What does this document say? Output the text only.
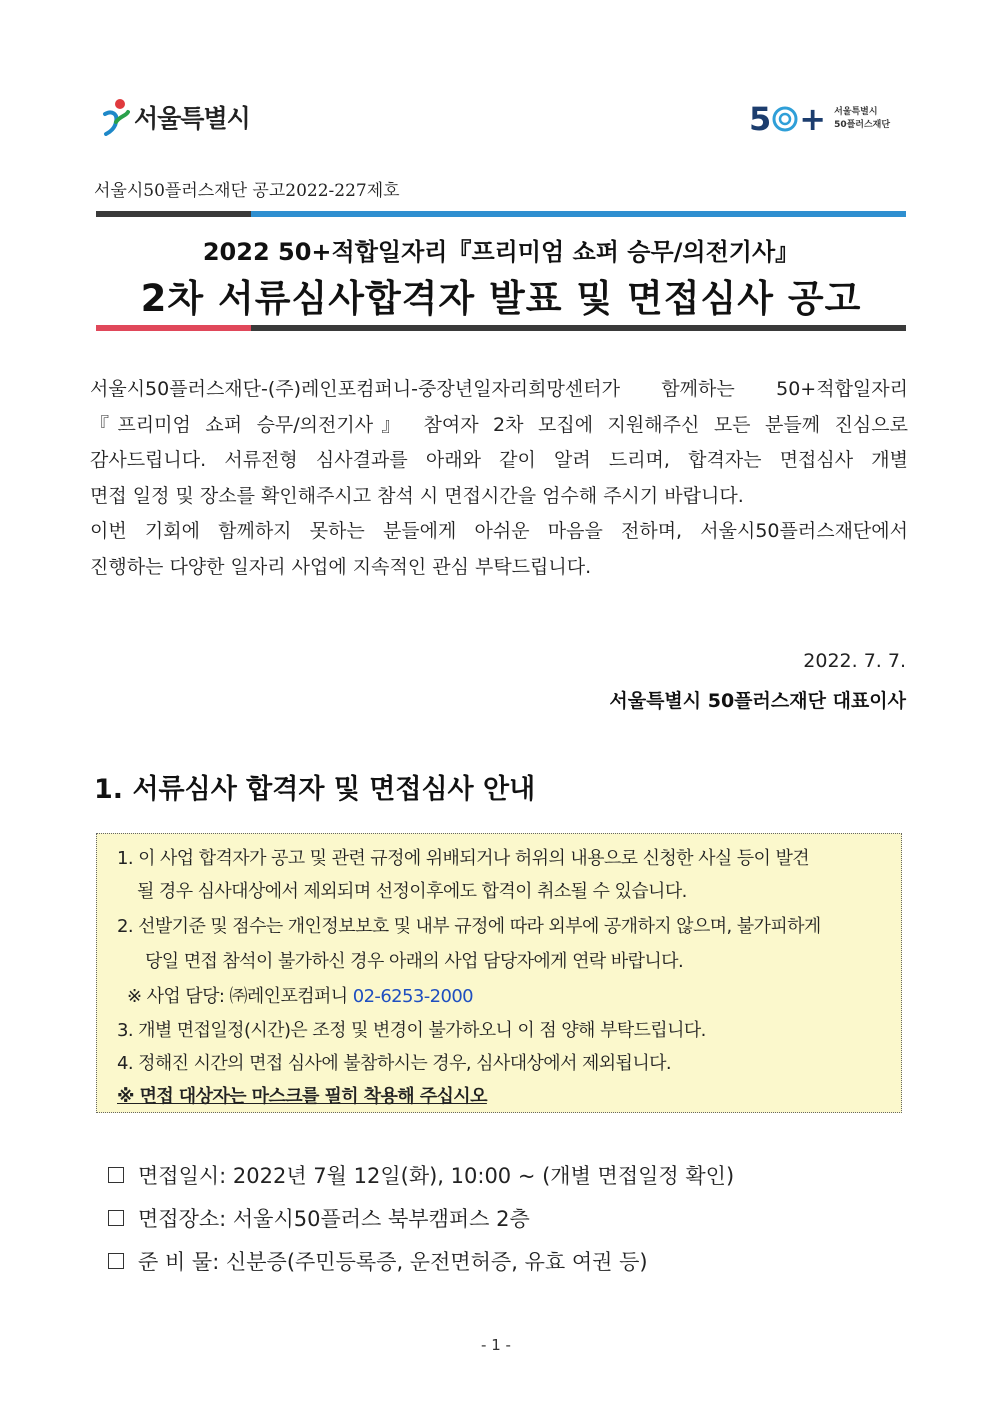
서울특별시	5 + 서울특별시
50플러스재단
서울시50플러스재단 공고2022-227제호
2022 50+적합일자리『프리미엄 쇼퍼 승무/의전기사』
2차 서류심사합격자 발표 및 면접심사 공고

서울시50플러스재단-(주)레인포컴퍼니-중장년일자리희망센터가 함께하는 50+적합일자리

『프리미엄 쇼퍼 승무/의전기사』 참여자 2차 모집에 지원해주신 모든 분들께 진심으로

감사드립니다. 서류전형 심사결과를 아래와 같이 알려 드리며, 합격자는 면접심사 개별

면접 일정 및 장소를 확인해주시고 참석 시 면접시간을 엄수해 주시기 바랍니다.

이번 기회에 함께하지 못하는 분들에게 아쉬운 마음을 전하며, 서울시50플러스재단에서

진행하는 다양한 일자리 사업에 지속적인 관심 부탁드립니다.

2022. 7. 7.
서울특별시 50플러스재단 대표이사
1. 서류심사 합격자 및 면접심사 안내
1. 이 사업 합격자가 공고 및 관련 규정에 위배되거나 허위의 내용으로 신청한 사실 등이 발견
될 경우 심사대상에서 제외되며 선정이후에도 합격이 취소될 수 있습니다.
2. 선발기준 및 점수는 개인정보보호 및 내부 규정에 따라 외부에 공개하지 않으며, 불가피하게
당일 면접 참석이 불가하신 경우 아래의 사업 담당자에게 연락 바랍니다.
※ 사업 담당: ㈜레인포컴퍼니 02-6253-2000
3. 개별 면접일정(시간)은 조정 및 변경이 불가하오니 이 점 양해 부탁드립니다.
4. 정해진 시간의 면접 심사에 불참하시는 경우, 심사대상에서 제외됩니다.
※ 면접 대상자는 마스크를 필히 착용해 주십시오
면접일시: 2022년 7월 12일(화), 10:00 ~ (개별 면접일정 확인)
면접장소: 서울시50플러스 북부캠퍼스 2층
준 비 물: 신분증(주민등록증, 운전면허증, 유효 여권 등)
- 1 -
